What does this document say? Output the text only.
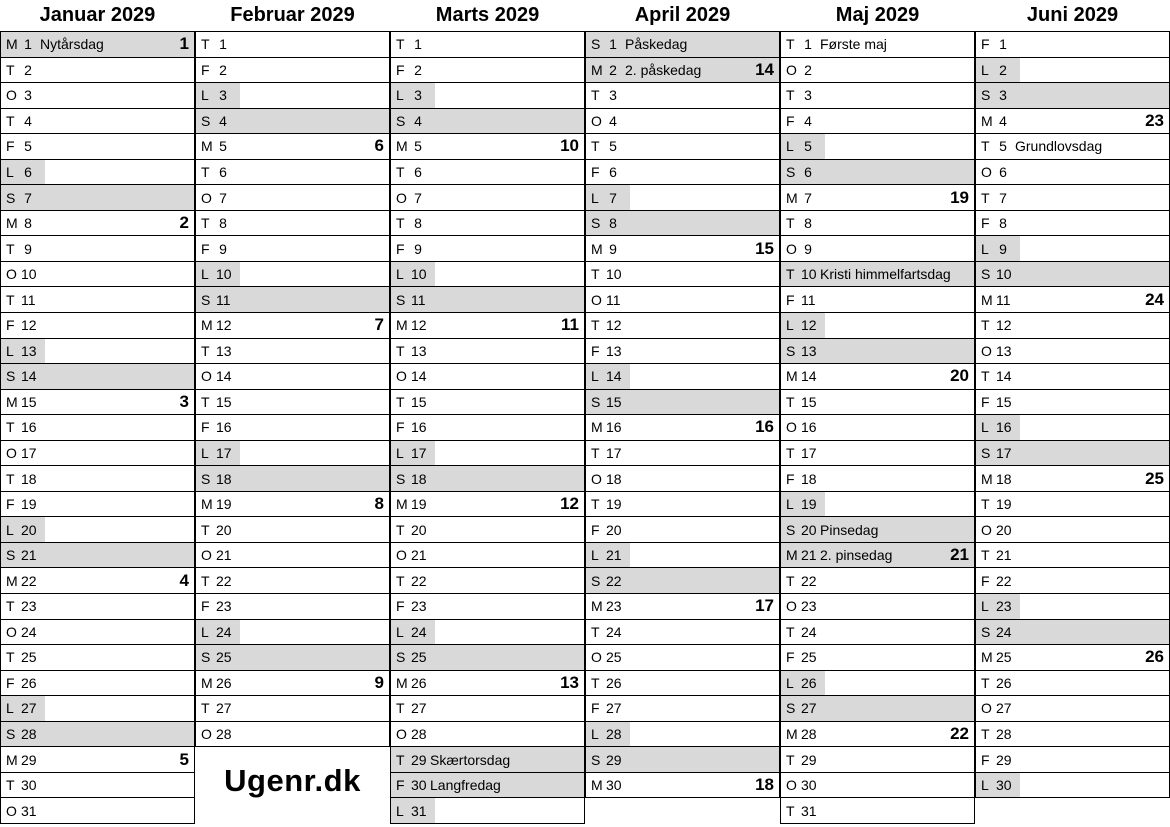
Januar 2029
M 1 Nytårsdag	1
T 2
O 3
T 4
F 5
L 6
S 7
M 8	2
T 9
O 10
T 11
F 12
L 13
S 14
M 15	3
T 16
O 17
T 18
F 19
L 20
S 21
M 22	4
T 23
O 24
T 25
F 26
L 27
S 28
M 29	5
T 30
O 31
Februar 2029
T 1
F 2
L 3
S 4
M 5	6
T 6
O 7
T 8
F 9
L 10
S 11
M 12	7
T 13
O 14
T 15
F 16
L 17
S 18
M 19	8
T 20
O 21
T 22
F 23
L 24
S 25
M 26	9
T 27
O 28
Marts 2029
T 1
F 2
L 3
S 4
M 5	10
T 6
O 7
T 8
F 9
L 10
S 11
M 12	11
T 13
O 14
T 15
F 16
L 17
S 18
M 19	12
T 20
O 21
T 22
F 23
L 24
S 25
M 26	13
T 27
O 28
T 29 Skærtorsdag
F 30 Langfredag
L 31
April 2029
S 1 Påskedag
M 2 2. påskedag	14
T 3
O 4
T 5
F 6
L 7
S 8
M 9	15
T 10
O 11
T 12
F 13
L 14
S 15
M 16	16
T 17
O 18
T 19
F 20
L 21
S 22
M 23	17
T 24
O 25
T 26
F 27
L 28
S 29
M 30	18
Maj 2029
T 1 Første maj
O 2
T 3
F 4
L 5
S 6
M 7	19
T 8
O 9
T 10 Kristi himmelfartsdag
F 11
L 12
S 13
M 14	20
T 15
O 16
T 17
F 18
L 19
S 20 Pinsedag
M 21 2. pinsedag	21
T 22
O 23
T 24
F 25
L 26
S 27
M 28	22
T 29
O 30
T 31
Juni 2029
F 1
L 2
S 3
M 4	23
T 5 Grundlovsdag
O 6
T 7
F 8
L 9
S 10
M 11	24
T 12
O 13
T 14
F 15
L 16
S 17
M 18	25
T 19
O 20
T 21
F 22
L 23
S 24
M 25	26
T 26
O 27
T 28
F 29
L 30
Ugenr.dk
